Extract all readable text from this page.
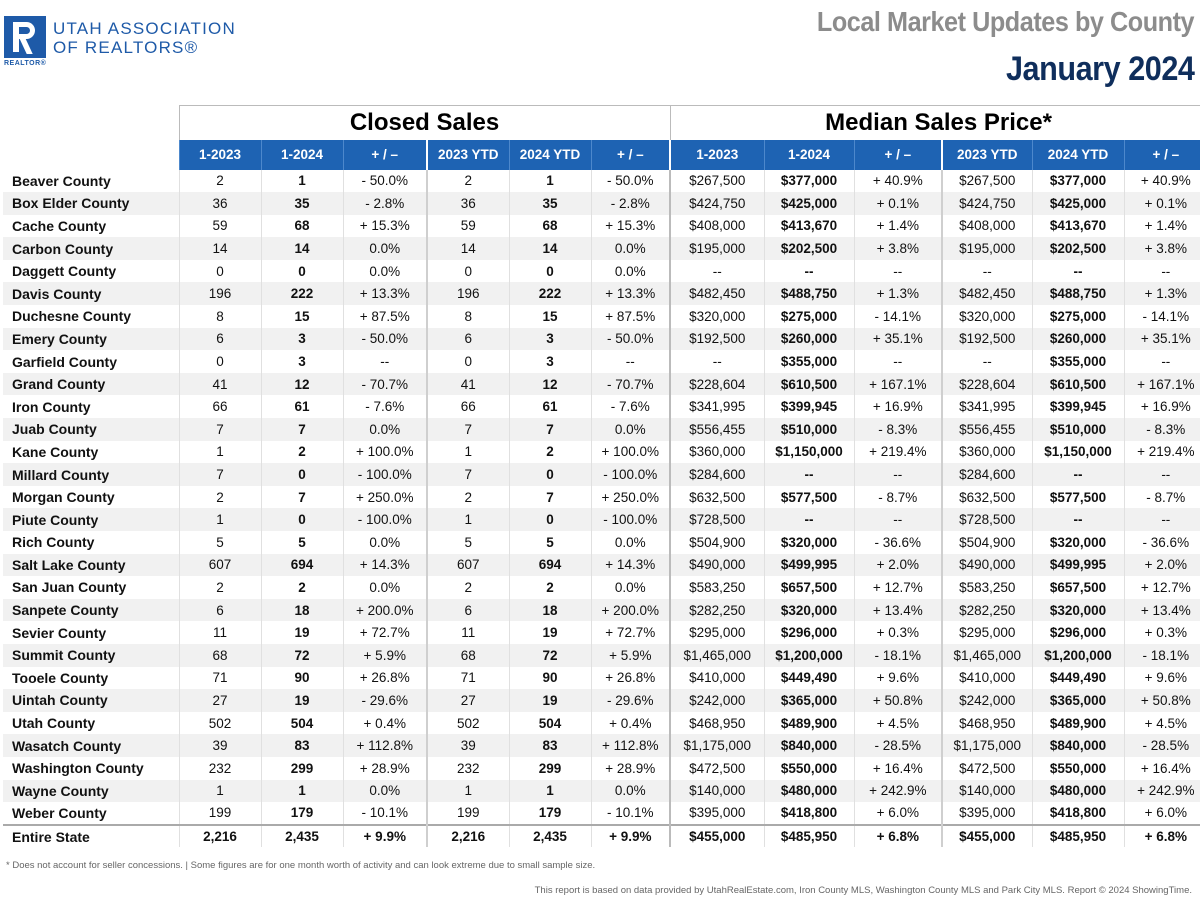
REALTOR®
UTAH ASSOCIATION
OF REALTORS®
Local Market Updates by County
January 2024
	Closed Sales						Median Sales Price*					
	1-2023	1-2024	+ / –	2023 YTD	2024 YTD	+ / –	1-2023	1-2024	+ / –	2023 YTD	2024 YTD	+ / –
Beaver County	2	1	- 50.0%	2	1	- 50.0%	$267,500	$377,000	+ 40.9%	$267,500	$377,000	+ 40.9%
Box Elder County	36	35	- 2.8%	36	35	- 2.8%	$424,750	$425,000	+ 0.1%	$424,750	$425,000	+ 0.1%
Cache County	59	68	+ 15.3%	59	68	+ 15.3%	$408,000	$413,670	+ 1.4%	$408,000	$413,670	+ 1.4%
Carbon County	14	14	0.0%	14	14	0.0%	$195,000	$202,500	+ 3.8%	$195,000	$202,500	+ 3.8%
Daggett County	0	0	0.0%	0	0	0.0%	--	--	--	--	--	--
Davis County	196	222	+ 13.3%	196	222	+ 13.3%	$482,450	$488,750	+ 1.3%	$482,450	$488,750	+ 1.3%
Duchesne County	8	15	+ 87.5%	8	15	+ 87.5%	$320,000	$275,000	- 14.1%	$320,000	$275,000	- 14.1%
Emery County	6	3	- 50.0%	6	3	- 50.0%	$192,500	$260,000	+ 35.1%	$192,500	$260,000	+ 35.1%
Garfield County	0	3	--	0	3	--	--	$355,000	--	--	$355,000	--
Grand County	41	12	- 70.7%	41	12	- 70.7%	$228,604	$610,500	+ 167.1%	$228,604	$610,500	+ 167.1%
Iron County	66	61	- 7.6%	66	61	- 7.6%	$341,995	$399,945	+ 16.9%	$341,995	$399,945	+ 16.9%
Juab County	7	7	0.0%	7	7	0.0%	$556,455	$510,000	- 8.3%	$556,455	$510,000	- 8.3%
Kane County	1	2	+ 100.0%	1	2	+ 100.0%	$360,000	$1,150,000	+ 219.4%	$360,000	$1,150,000	+ 219.4%
Millard County	7	0	- 100.0%	7	0	- 100.0%	$284,600	--	--	$284,600	--	--
Morgan County	2	7	+ 250.0%	2	7	+ 250.0%	$632,500	$577,500	- 8.7%	$632,500	$577,500	- 8.7%
Piute County	1	0	- 100.0%	1	0	- 100.0%	$728,500	--	--	$728,500	--	--
Rich County	5	5	0.0%	5	5	0.0%	$504,900	$320,000	- 36.6%	$504,900	$320,000	- 36.6%
Salt Lake County	607	694	+ 14.3%	607	694	+ 14.3%	$490,000	$499,995	+ 2.0%	$490,000	$499,995	+ 2.0%
San Juan County	2	2	0.0%	2	2	0.0%	$583,250	$657,500	+ 12.7%	$583,250	$657,500	+ 12.7%
Sanpete County	6	18	+ 200.0%	6	18	+ 200.0%	$282,250	$320,000	+ 13.4%	$282,250	$320,000	+ 13.4%
Sevier County	11	19	+ 72.7%	11	19	+ 72.7%	$295,000	$296,000	+ 0.3%	$295,000	$296,000	+ 0.3%
Summit County	68	72	+ 5.9%	68	72	+ 5.9%	$1,465,000	$1,200,000	- 18.1%	$1,465,000	$1,200,000	- 18.1%
Tooele County	71	90	+ 26.8%	71	90	+ 26.8%	$410,000	$449,490	+ 9.6%	$410,000	$449,490	+ 9.6%
Uintah County	27	19	- 29.6%	27	19	- 29.6%	$242,000	$365,000	+ 50.8%	$242,000	$365,000	+ 50.8%
Utah County	502	504	+ 0.4%	502	504	+ 0.4%	$468,950	$489,900	+ 4.5%	$468,950	$489,900	+ 4.5%
Wasatch County	39	83	+ 112.8%	39	83	+ 112.8%	$1,175,000	$840,000	- 28.5%	$1,175,000	$840,000	- 28.5%
Washington County	232	299	+ 28.9%	232	299	+ 28.9%	$472,500	$550,000	+ 16.4%	$472,500	$550,000	+ 16.4%
Wayne County	1	1	0.0%	1	1	0.0%	$140,000	$480,000	+ 242.9%	$140,000	$480,000	+ 242.9%
Weber County	199	179	- 10.1%	199	179	- 10.1%	$395,000	$418,800	+ 6.0%	$395,000	$418,800	+ 6.0%
Entire State	2,216	2,435	+ 9.9%	2,216	2,435	+ 9.9%	$455,000	$485,950	+ 6.8%	$455,000	$485,950	+ 6.8%
* Does not account for seller concessions. | Some figures are for one month worth of activity and can look extreme due to small sample size.
This report is based on data provided by UtahRealEstate.com, Iron County MLS, Washington County MLS and Park City MLS. Report © 2024 ShowingTime.
